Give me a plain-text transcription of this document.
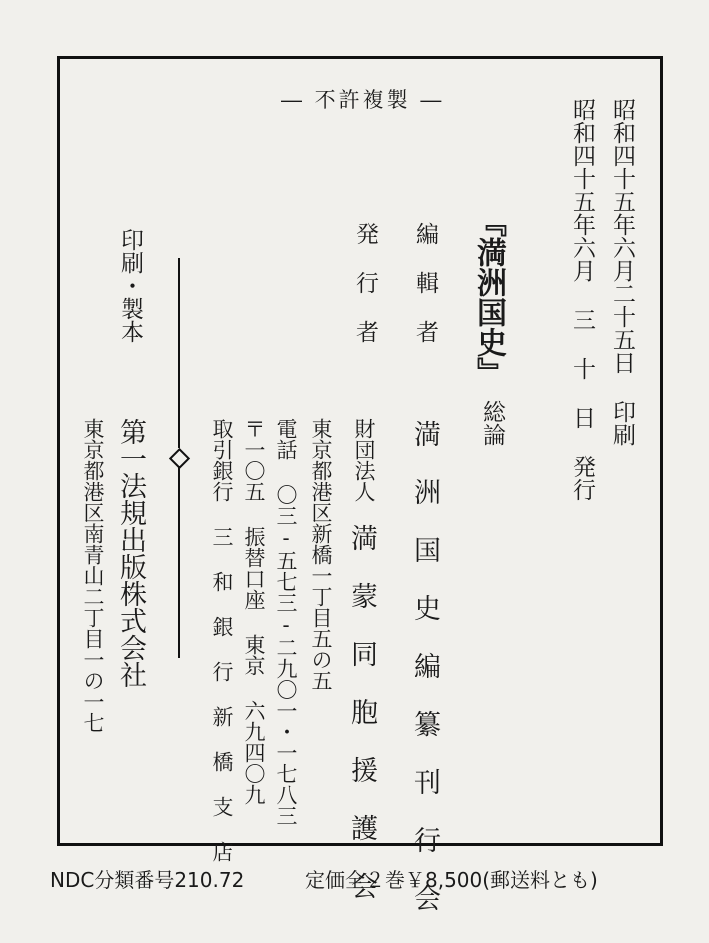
― 不許複製 ―	昭和四十五年六月二十五日 印刷
昭和四十五年六月 三 十 日 発行
『満洲国史』
総論
編 輯 者
満 洲 国 史 編 纂 刊 行 会
発 行 者
財団法人
満 蒙 同 胞 援 護 会
東京都港区新橋一丁目五の五
電話 〇三‐五七三‐二九〇一・一七八三
〒一〇五 振替口座 東京 六九四〇九
取引銀行 三 和 銀 行 新 橋 支 店
印刷・製本
第一法規出版株式会社
東京都港区南青山二丁目一の一七
NDC分類番号210.72	定価全２巻￥8,500(郵送料とも)
